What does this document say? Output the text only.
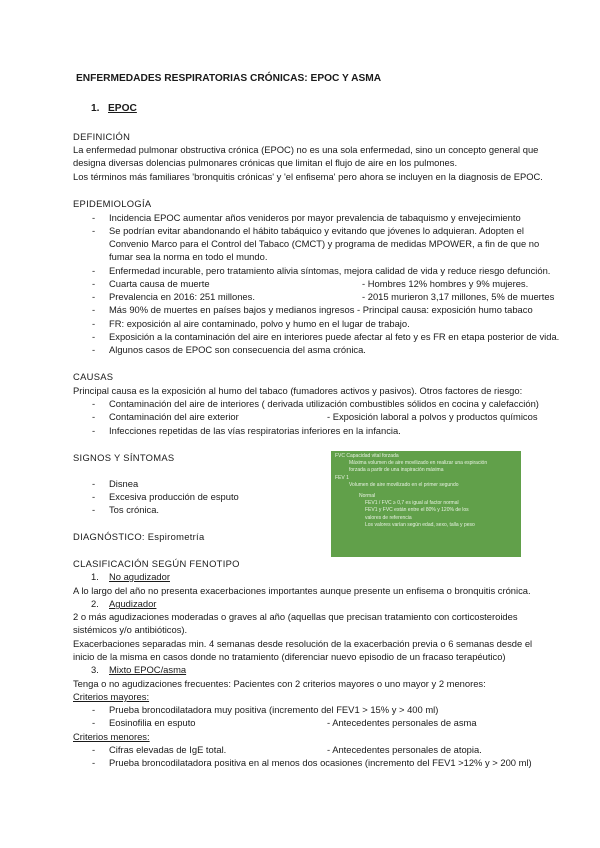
ENFERMEDADES RESPIRATORIAS CRÓNICAS: EPOC Y ASMA
1. EPOC
DEFINICIÓN
La enfermedad pulmonar obstructiva crónica (EPOC) no es una sola enfermedad, sino un concepto general que
designa diversas dolencias pulmonares crónicas que limitan el flujo de aire en los pulmones.
Los términos más familiares 'bronquitis crónicas' y 'el enfisema' pero ahora se incluyen en la diagnosis de EPOC.
EPIDEMIOLOGÍA
- Incidencia EPOC aumentar años venideros por mayor prevalencia de tabaquismo y envejecimiento
- Se podrían evitar abandonando el hábito tabáquico y evitando que jóvenes lo adquieran. Adopten el
Convenio Marco para el Control del Tabaco (CMCT) y programa de medidas MPOWER, a fin de que no
fumar sea la norma en todo el mundo.
- Enfermedad incurable, pero tratamiento alivia síntomas, mejora calidad de vida y reduce riesgo defunción.
- Cuarta causa de muerte	- Hombres 12% hombres y 9% mujeres.
- Prevalencia en 2016: 251 millones.	- 2015 murieron 3,17 millones, 5% de muertes
- Más 90% de muertes en países bajos y medianos ingresos - Principal causa: exposición humo tabaco
- FR: exposición al aire contaminado, polvo y humo en el lugar de trabajo.
- Exposición a la contaminación del aire en interiores puede afectar al feto y es FR en etapa posterior de vida.
- Algunos casos de EPOC son consecuencia del asma crónica.
CAUSAS
Principal causa es la exposición al humo del tabaco (fumadores activos y pasivos). Otros factores de riesgo:
- Contaminación del aire de interiores ( derivada utilización combustibles sólidos en cocina y calefacción)
- Contaminación del aire exterior	- Exposición laboral a polvos y productos químicos
- Infecciones repetidas de las vías respiratorias inferiores en la infancia.
SIGNOS Y SÍNTOMAS
- Disnea
- Excesiva producción de esputo
- Tos crónica.
FVC Capacidad vital forzada
Máxima volumen de aire movilizado en realizar una espiración
forzada a partir de una inspiración máxima
FEV 1
Volumen de aire movilizado en el primer segundo
Normal
FEV1 / FVC ≥ 0,7 es igual al factor normal
FEV1 y FVC están entre el 80% y 120% de los
valores de referencia
Los valores varían según edad, sexo, talla y peso
DIAGNÓSTICO: Espirometría
CLASIFICACIÓN SEGÚN FENOTIPO
1. No agudizador
A lo largo del año no presenta exacerbaciones importantes aunque presente un enfisema o bronquitis crónica.
2. Agudizador
2 o más agudizaciones moderadas o graves al año (aquellas que precisan tratamiento con corticosteroides
sistémicos y/o antibióticos).
Exacerbaciones separadas min. 4 semanas desde resolución de la exacerbación previa o 6 semanas desde el
inicio de la misma en casos donde no tratamiento (diferenciar nuevo episodio de un fracaso terapéutico)
3. Mixto EPOC/asma
Tenga o no agudizaciones frecuentes: Pacientes con 2 criterios mayores o uno mayor y 2 menores:
Criterios mayores:
- Prueba broncodilatadora muy positiva (incremento del FEV1 > 15% y > 400 ml)
- Eosinofilia en esputo	- Antecedentes personales de asma
Criterios menores:
- Cifras elevadas de IgE total.	- Antecedentes personales de atopia.
- Prueba broncodilatadora positiva en al menos dos ocasiones (incremento del FEV1 >12% y > 200 ml)
